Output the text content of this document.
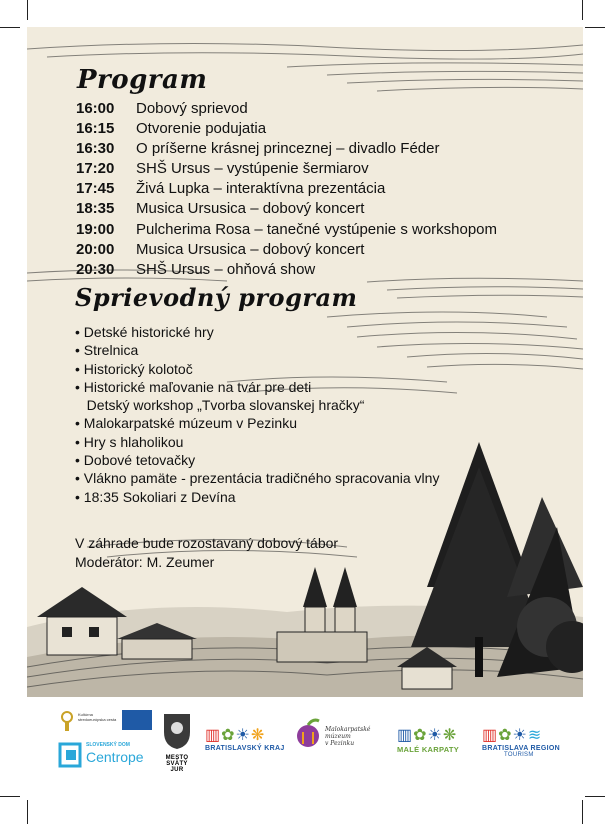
Program
16:00	Dobový sprievod
16:15	Otvorenie podujatia
16:30	O príšerne krásnej princeznej – divadlo Féder
17:20	SHŠ Ursus – vystúpenie šermiarov
17:45	Živá Lupka – interaktívna prezentácia
18:35	Musica Ursusica – dobový koncert
19:00	Pulcherima Rosa – tanečné vystúpenie s workshopom
20:00	Musica Ursusica – dobový koncert
20:30	SHŠ Ursus – ohňová show
Sprievodný program
• Detské historické hry
• Strelnica
• Historický kolotoč
• Historické maľovanie na tvár pre deti
Detský workshop „Tvorba slovanskej hračky“
• Malokarpatské múzeum v Pezinku
• Hry s hlaholikou
• Dobové tetovačky
• Vlákno pamäte - prezentácia tradičného spracovania vlny
• 18:35 Sokoliari z Devína
V záhrade bude rozostavaný dobový tábor
Moderátor: M. Zeumer
Kultúrna stredoeurópska cesta
SLOVENSKÝ DOM
Centrope	MESTO
SVÄTÝ JUR
▥✿☀❋
BRATISLAVSKÝ KRAJ
Malokarpatské
múzeum
v Pezinku	▥✿☀❋
MALÉ KARPATY
▥✿☀≋
BRATISLAVA REGION
TOURISM
